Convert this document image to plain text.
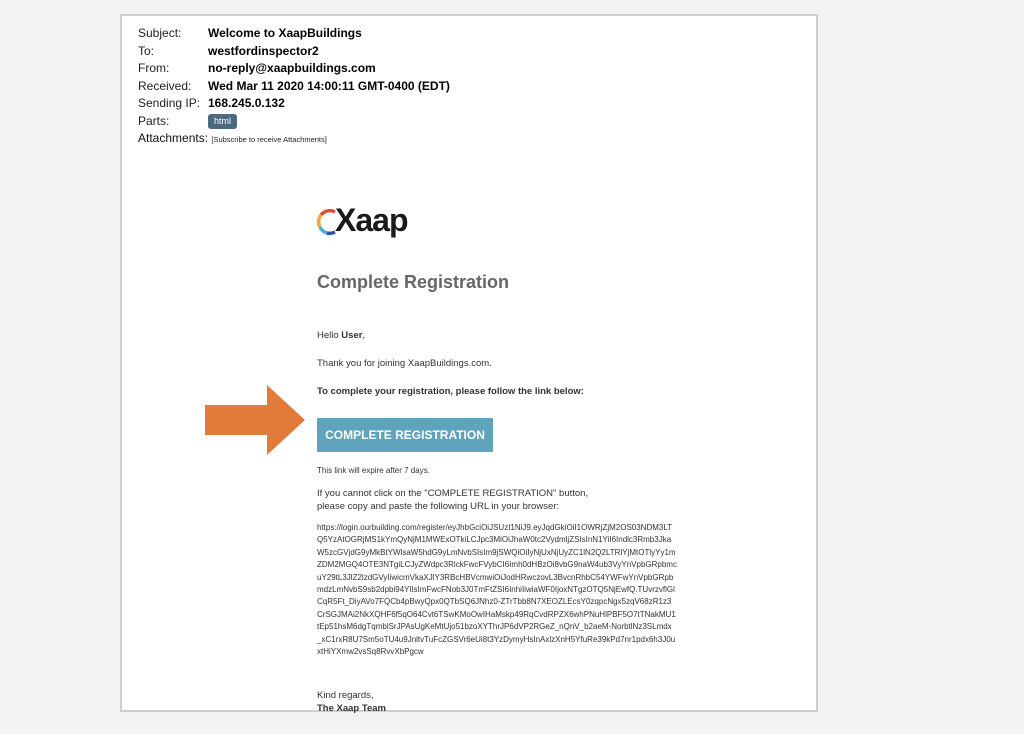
Subject: Welcome to XaapBuildings
To:	westfordinspector2
From:	no-reply@xaapbuildings.com
Received: Wed Mar 11 2020 14:00:11 GMT-0400 (EDT)
Sending IP: 168.245.0.132
Parts:	html
Attachments: [Subscribe to receive Attachments]
Xaap
Complete Registration
Hello User,
Thank you for joining XaapBuildings.com.
To complete your registration, please follow the link below:
COMPLETE REGISTRATION
This link will expire after 7 days.
If you cannot click on the "COMPLETE REGISTRATION" button,
please copy and paste the following URL in your browser:
https://login.ourbuilding.com/register/eyJhbGciOiJSUzI1NiJ9.eyJqdGkiOiI1OWRjZjM2OS03NDM3LT
Q5YzAtOGRjMS1kYmQyNjM1MWExOTkiLCJpc3MiOiJhaW0tc2VydmljZSIsInN1YiI6Indlc3Rmb3Jka
W5zcGVjdG9yMkBtYWlsaW5hdG9yLmNvbSIsIm9jSWQiOiIyNjUxNjUyZC1lN2Q2LTRlYjMtOTlyYy1m
ZDM2MGQ4OTE3NTgiLCJyZWdpc3RlckFwcFVybCI6Imh0dHBzOi8vbG9naW4ub3VyYnVpbGRpbmc
uY29tL3JlZ2lzdGVyIiwicmVkaXJlY3RBcHBVcmwiOiJodHRwczovL3BvcnRhbC54YWFwYnVpbGRpb
mdzLmNvbS9sb2dpbi94YlIsImFwcFNob3J0TmFtZSI6InhiIiwiaWF0IjoxNTgzOTQ5NjEwfQ.TUvrzvflGl
CqR5Ft_DiyAVo7FQCb4pBwyQpx0QTbSQ6JNhz0-ZTrTbb8N7XEOZLEcsY0zqpcNgx5zqV68zR1z3
CrSGJMAi2NkXQHF6f5qO64Cvt6TSwKMoOwIHaMskp49RqCvdRPZX6whPNuHlPBF5O7tTNakMU1
tEp51hsM6dgTqmblSrJPAsUgKeMtUjo51bzoXYThrJP6dVP2RGeZ_nQnV_b2aeM-NorbtlNz3SLmdx
_xC1rxR8U7Sm5oTU4u9JnltvTuFcZGSVr6eUi8t3YzDymyHsInAxlzXnH5YfuRe39kPd7nr1pdx6h3J0u
xtHiYXmw2vsSq8RvvXbPgcw
Kind regards,
The Xaap Team
